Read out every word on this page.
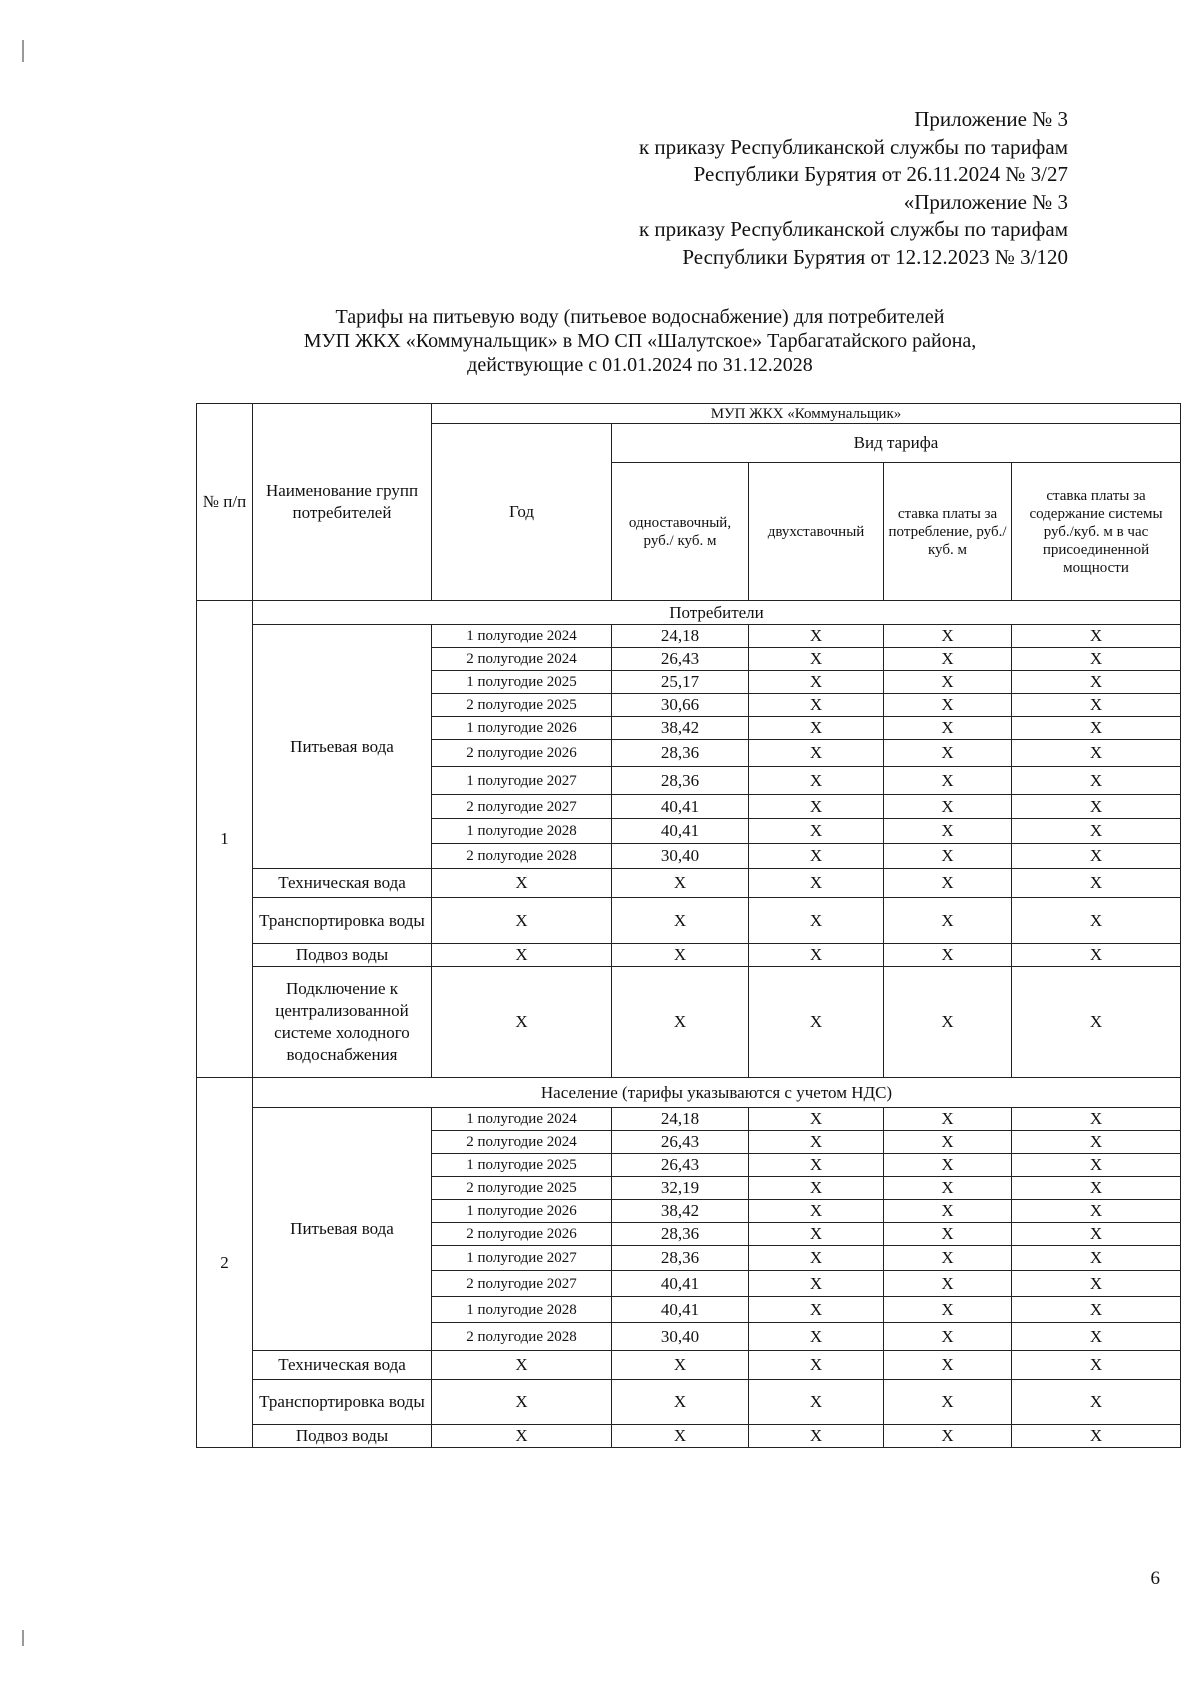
Приложение № 3
к приказу Республиканской службы по тарифам
Республики Бурятия от 26.11.2024 № 3/27
«Приложение № 3
к приказу Республиканской службы по тарифам
Республики Бурятия от 12.12.2023 № 3/120
Тарифы на питьевую воду (питьевое водоснабжение) для потребителей
МУП ЖКХ «Коммунальщик» в МО СП «Шалутское» Тарбагатайского района,
действующие с 01.01.2024 по 31.12.2028
№ п/п	Наименование групп потребителей	МУП ЖКХ «Коммунальщик»				
		Год	Вид тарифа			
			одноставочный, руб./ куб. м	двухставочный	ставка платы за потребление, руб./ куб. м	ставка платы за содержание системы руб./куб. м в час присоединенной мощности
1	Потребители					
	Питьевая вода	1 полугодие 2024	24,18	X	X	X
		2 полугодие 2024	26,43	X	X	X
		1 полугодие 2025	25,17	X	X	X
		2 полугодие 2025	30,66	X	X	X
		1 полугодие 2026	38,42	X	X	X
		2 полугодие 2026	28,36	X	X	X
		1 полугодие 2027	28,36	X	X	X
		2 полугодие 2027	40,41	X	X	X
		1 полугодие 2028	40,41	X	X	X
		2 полугодие 2028	30,40	X	X	X
	Техническая вода	X	X	X	X	X
	Транспортировка воды	X	X	X	X	X
	Подвоз воды	X	X	X	X	X
	Подключение к централизованной системе холодного водоснабжения	X	X	X	X	X
2	Население (тарифы указываются с учетом НДС)					
	Питьевая вода	1 полугодие 2024	24,18	X	X	X
		2 полугодие 2024	26,43	X	X	X
		1 полугодие 2025	26,43	X	X	X
		2 полугодие 2025	32,19	X	X	X
		1 полугодие 2026	38,42	X	X	X
		2 полугодие 2026	28,36	X	X	X
		1 полугодие 2027	28,36	X	X	X
		2 полугодие 2027	40,41	X	X	X
		1 полугодие 2028	40,41	X	X	X
		2 полугодие 2028	30,40	X	X	X
	Техническая вода	X	X	X	X	X
	Транспортировка воды	X	X	X	X	X
	Подвоз воды	X	X	X	X	X
6
